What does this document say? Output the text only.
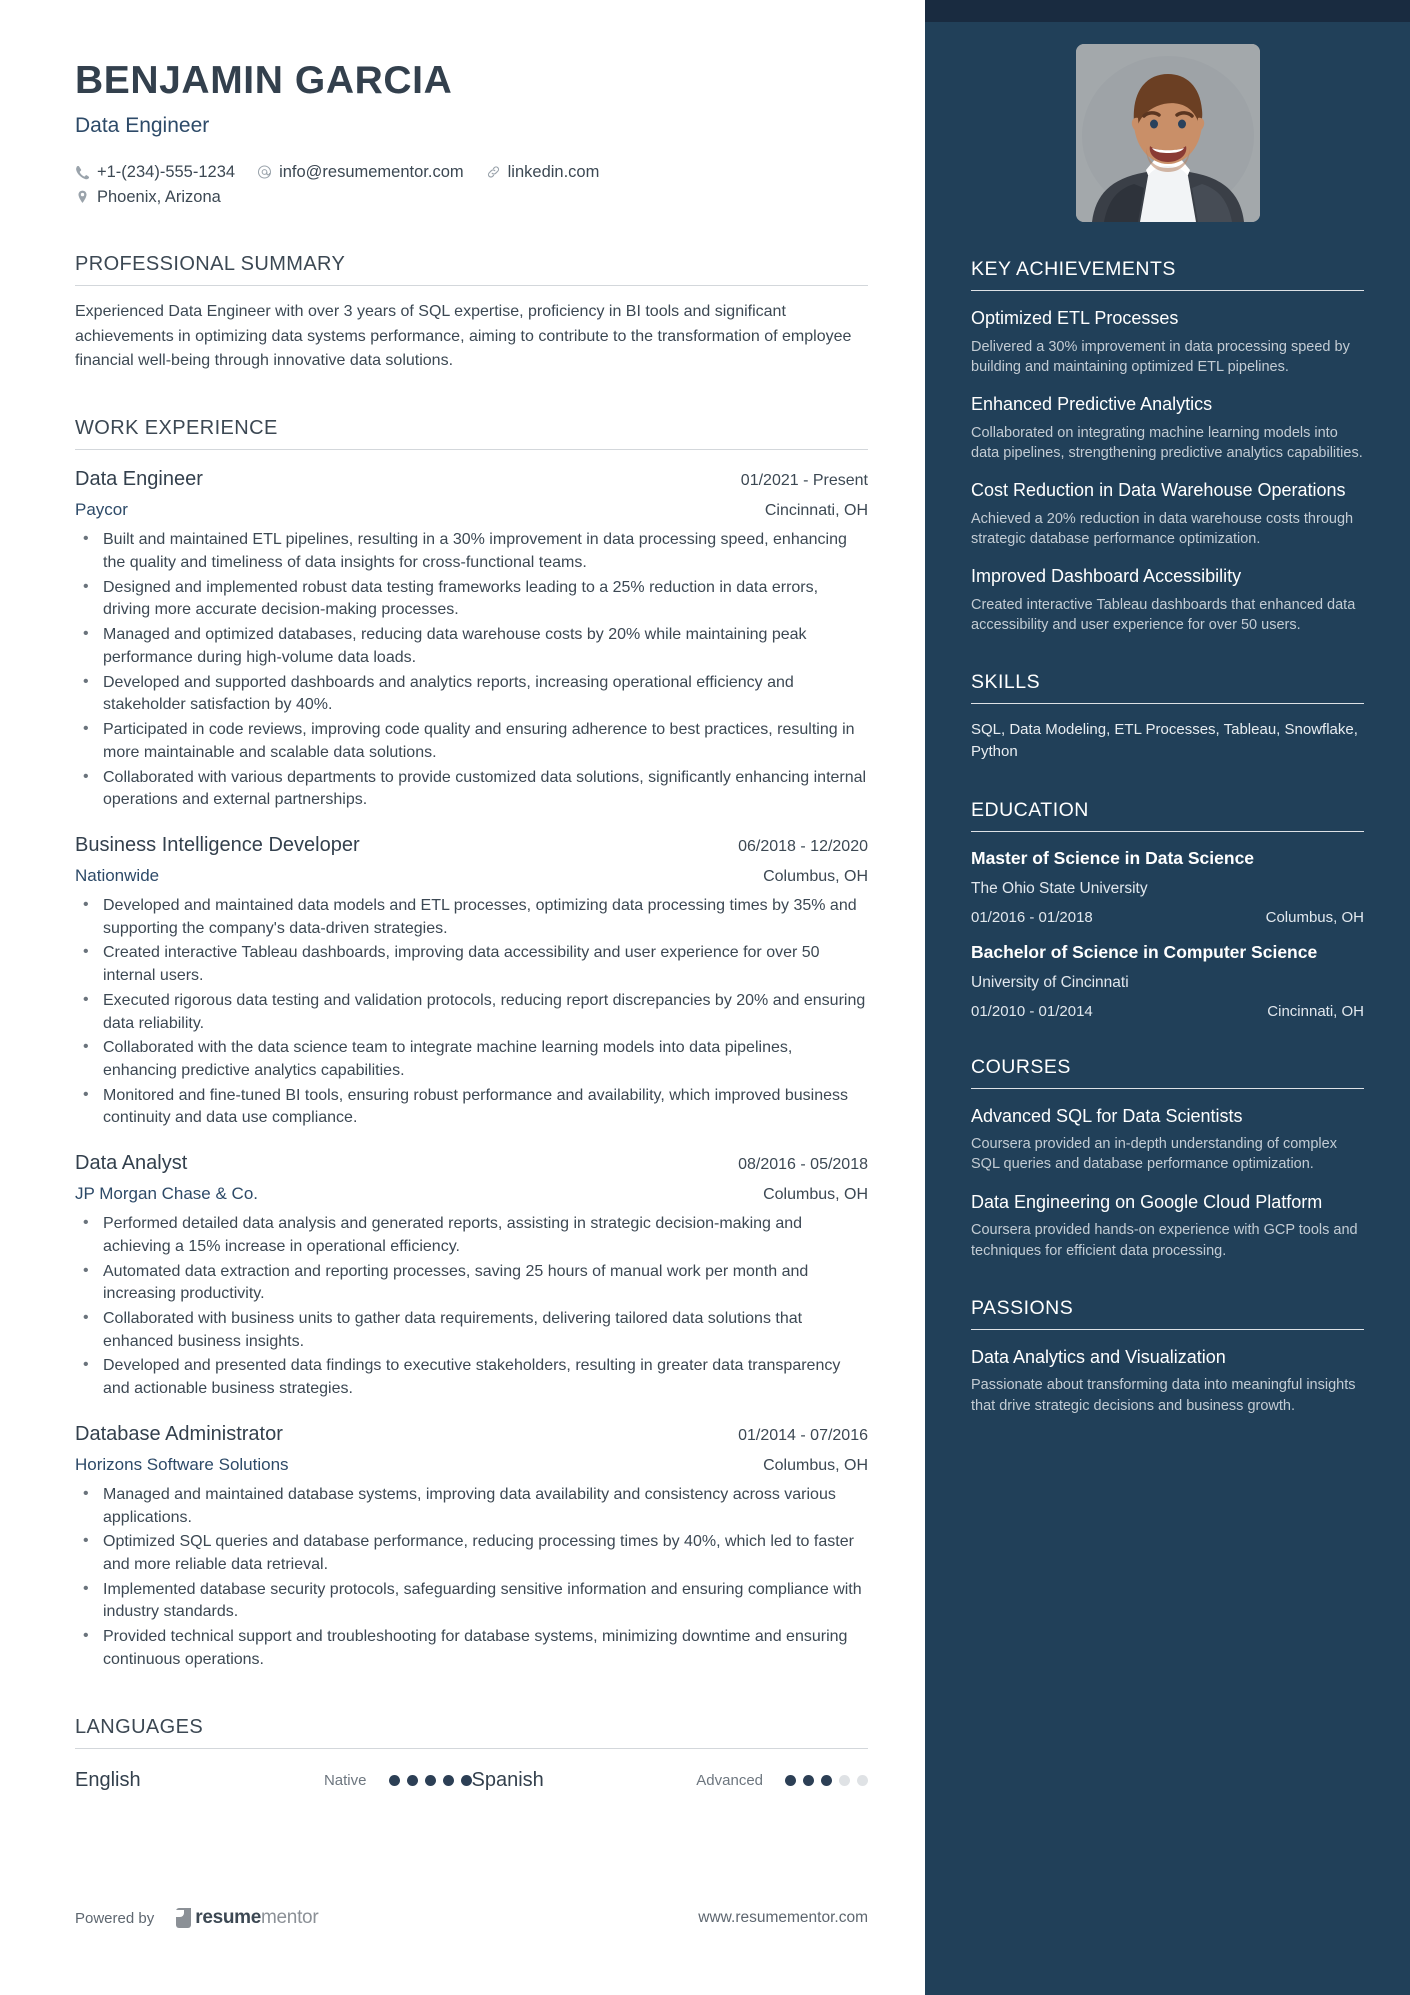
BENJAMIN GARCIA
Data Engineer
+1-(234)-555-1234	info@resumementor.com	linkedin.com
Phoenix, Arizona
PROFESSIONAL SUMMARY
Experienced Data Engineer with over 3 years of SQL expertise, proficiency in BI tools and significant achievements in optimizing data systems performance, aiming to contribute to the transformation of employee financial well-being through innovative data solutions.
WORK EXPERIENCE
Data Engineer	01/2021 - Present
Paycor	Cincinnati, OH
• Built and maintained ETL pipelines, resulting in a 30% improvement in data processing speed, enhancing the quality and timeliness of data insights for cross-functional teams.
• Designed and implemented robust data testing frameworks leading to a 25% reduction in data errors, driving more accurate decision-making processes.
• Managed and optimized databases, reducing data warehouse costs by 20% while maintaining peak performance during high-volume data loads.
• Developed and supported dashboards and analytics reports, increasing operational efficiency and stakeholder satisfaction by 40%.
• Participated in code reviews, improving code quality and ensuring adherence to best practices, resulting in more maintainable and scalable data solutions.
• Collaborated with various departments to provide customized data solutions, significantly enhancing internal operations and external partnerships.
Business Intelligence Developer	06/2018 - 12/2020
Nationwide	Columbus, OH
• Developed and maintained data models and ETL processes, optimizing data processing times by 35% and supporting the company's data-driven strategies.
• Created interactive Tableau dashboards, improving data accessibility and user experience for over 50 internal users.
• Executed rigorous data testing and validation protocols, reducing report discrepancies by 20% and ensuring data reliability.
• Collaborated with the data science team to integrate machine learning models into data pipelines, enhancing predictive analytics capabilities.
• Monitored and fine-tuned BI tools, ensuring robust performance and availability, which improved business continuity and data use compliance.
Data Analyst	08/2016 - 05/2018
JP Morgan Chase & Co.	Columbus, OH
• Performed detailed data analysis and generated reports, assisting in strategic decision-making and achieving a 15% increase in operational efficiency.
• Automated data extraction and reporting processes, saving 25 hours of manual work per month and increasing productivity.
• Collaborated with business units to gather data requirements, delivering tailored data solutions that enhanced business insights.
• Developed and presented data findings to executive stakeholders, resulting in greater data transparency and actionable business strategies.
Database Administrator	01/2014 - 07/2016
Horizons Software Solutions	Columbus, OH
• Managed and maintained database systems, improving data availability and consistency across various applications.
• Optimized SQL queries and database performance, reducing processing times by 40%, which led to faster and more reliable data retrieval.
• Implemented database security protocols, safeguarding sensitive information and ensuring compliance with industry standards.
• Provided technical support and troubleshooting for database systems, minimizing downtime and ensuring continuous operations.
LANGUAGES
English	Native	Spanish	Advanced
Powered by resumementor	www.resumementor.com
KEY ACHIEVEMENTS
Optimized ETL Processes
Delivered a 30% improvement in data processing speed by building and maintaining optimized ETL pipelines.
Enhanced Predictive Analytics
Collaborated on integrating machine learning models into data pipelines, strengthening predictive analytics capabilities.
Cost Reduction in Data Warehouse Operations
Achieved a 20% reduction in data warehouse costs through strategic database performance optimization.
Improved Dashboard Accessibility
Created interactive Tableau dashboards that enhanced data accessibility and user experience for over 50 users.
SKILLS
SQL, Data Modeling, ETL Processes, Tableau, Snowflake, Python
EDUCATION
Master of Science in Data Science
The Ohio State University
01/2016 - 01/2018	Columbus, OH
Bachelor of Science in Computer Science
University of Cincinnati
01/2010 - 01/2014	Cincinnati, OH
COURSES
Advanced SQL for Data Scientists
Coursera provided an in-depth understanding of complex SQL queries and database performance optimization.
Data Engineering on Google Cloud Platform
Coursera provided hands-on experience with GCP tools and techniques for efficient data processing.
PASSIONS
Data Analytics and Visualization
Passionate about transforming data into meaningful insights that drive strategic decisions and business growth.
